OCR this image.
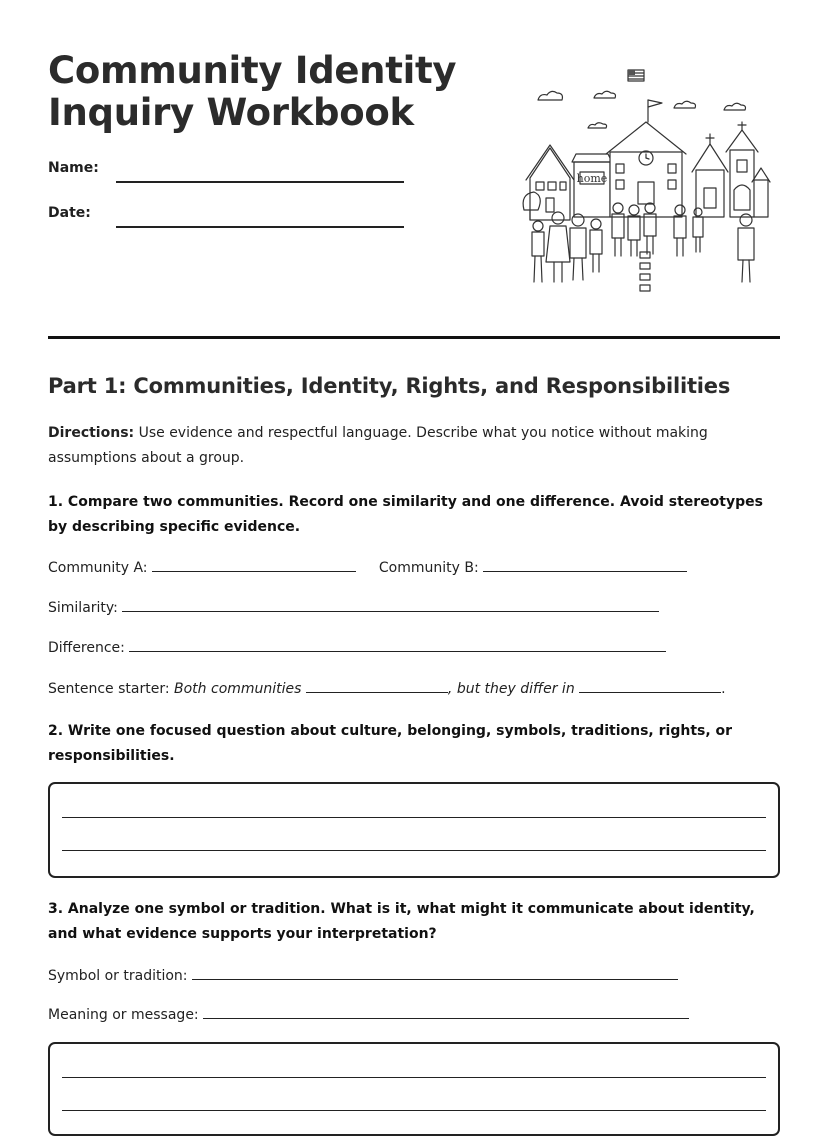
Community Identity
Inquiry Workbook
Name:
Date:
home
Part 1: Communities, Identity, Rights, and Responsibilities
Directions: Use evidence and respectful language. Describe what you notice without making assumptions about a group.
1. Compare two communities. Record one similarity and one difference. Avoid stereotypes by describing specific evidence.
Community A:	Community B:
Similarity:
Difference:
Sentence starter: Both communities	, but they differ in	.
2. Write one focused question about culture, belonging, symbols, traditions, rights, or responsibilities.
3. Analyze one symbol or tradition. What is it, what might it communicate about identity, and what evidence supports your interpretation?
Symbol or tradition:
Meaning or message:
